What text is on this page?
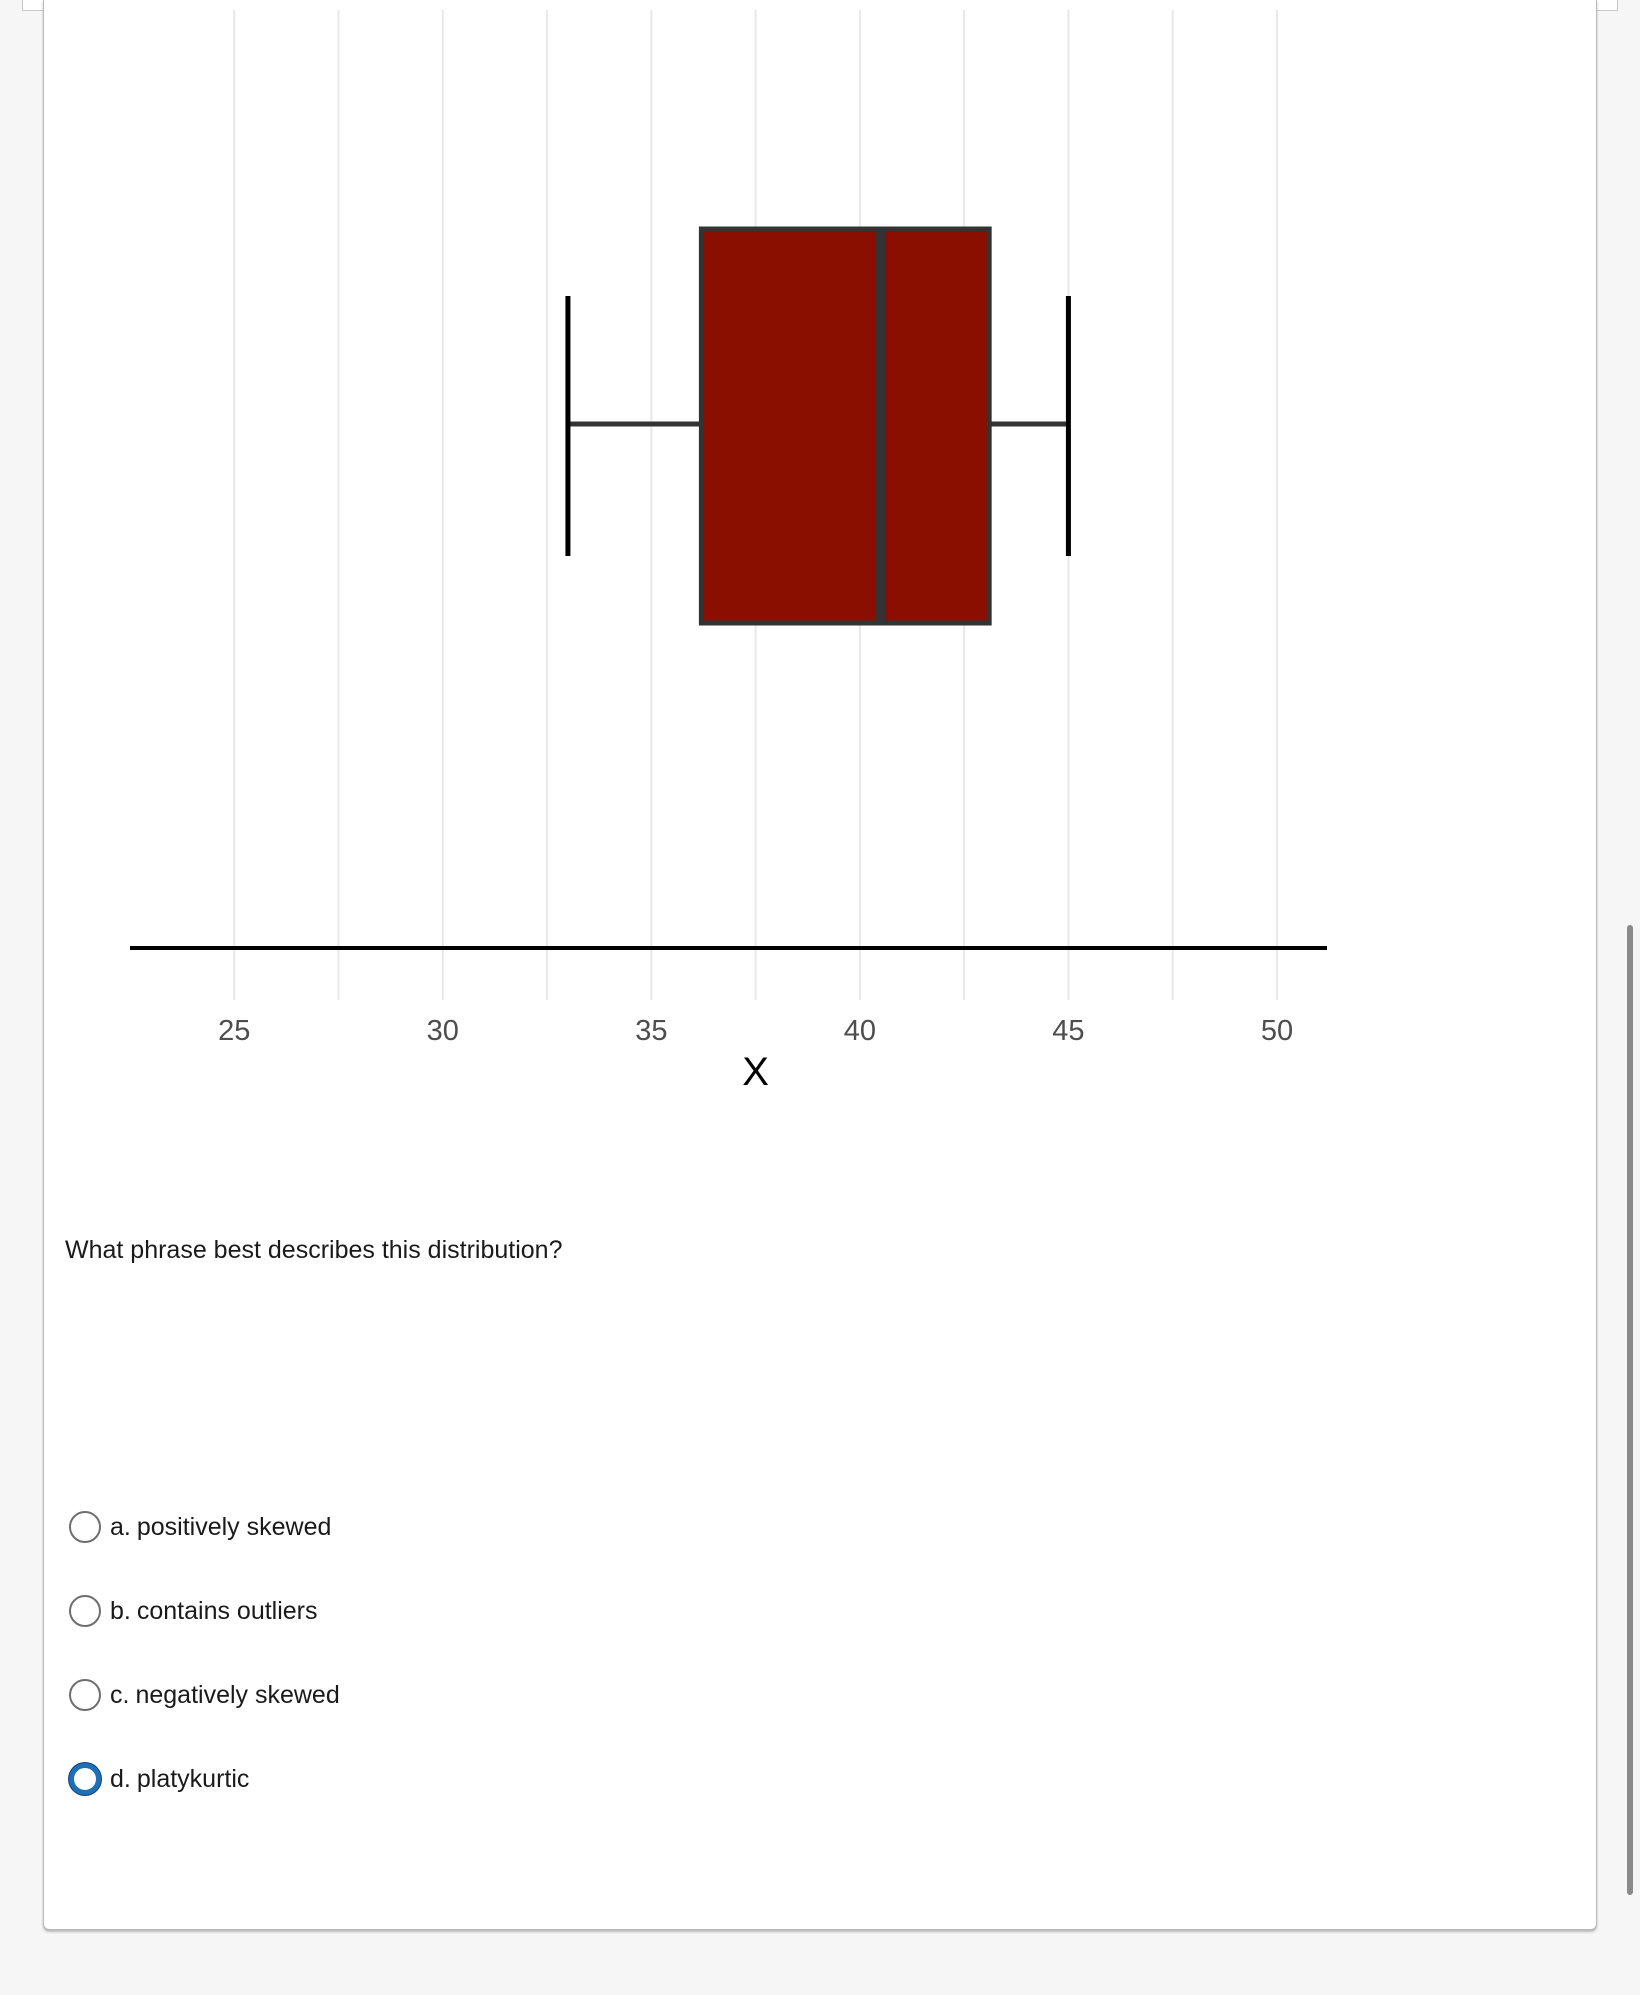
25	30	35	40	45	50
X

What phrase best describes this distribution?

a. positively skewed
b. contains outliers
c. negatively skewed
d. platykurtic
